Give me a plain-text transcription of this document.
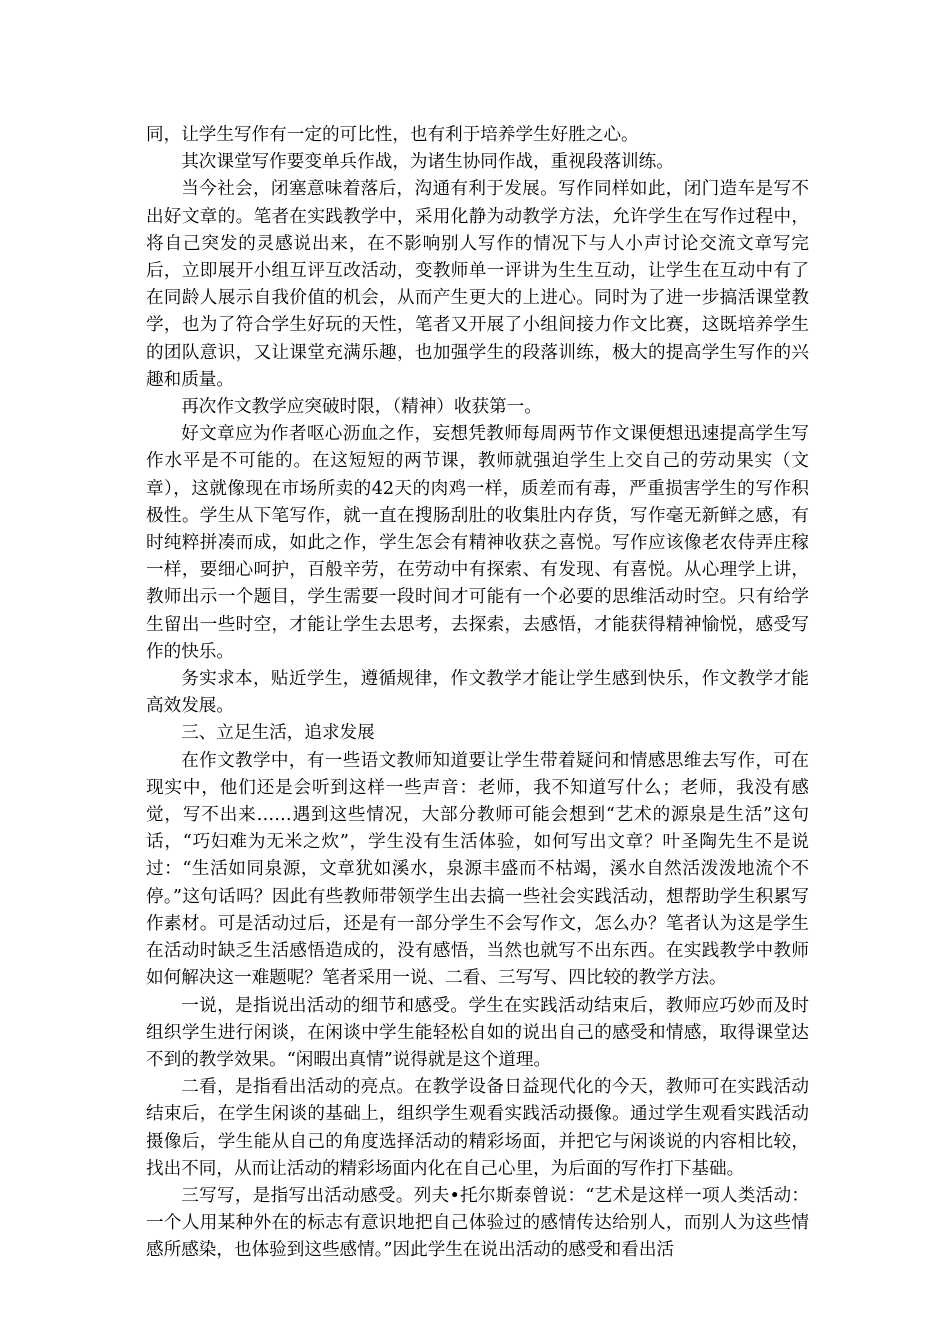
同，让学生写作有一定的可比性，也有利于培养学生好胜之心。

其次课堂写作要变单兵作战，为诸生协同作战，重视段落训练。

当今社会，闭塞意味着落后，沟通有利于发展。写作同样如此，闭门造车是写不出好文章的。笔者在实践教学中，采用化静为动教学方法，允许学生在写作过程中，将自己突发的灵感说出来，在不影响别人写作的情况下与人小声讨论交流文章写完后，立即展开小组互评互改活动，变教师单一评讲为生生互动，让学生在互动中有了在同龄人展示自我价值的机会，从而产生更大的上进心。同时为了进一步搞活课堂教学，也为了符合学生好玩的天性，笔者又开展了小组间接力作文比赛，这既培养学生的团队意识，又让课堂充满乐趣，也加强学生的段落训练，极大的提高学生写作的兴趣和质量。

再次作文教学应突破时限，（精神）收获第一。

好文章应为作者呕心沥血之作，妄想凭教师每周两节作文课便想迅速提高学生写作水平是不可能的。在这短短的两节课，教师就强迫学生上交自己的劳动果实（文章），这就像现在市场所卖的42天的肉鸡一样，质差而有毒，严重损害学生的写作积极性。学生从下笔写作，就一直在搜肠刮肚的收集肚内存货，写作毫无新鲜之感，有时纯粹拼凑而成，如此之作，学生怎会有精神收获之喜悦。写作应该像老农侍弄庄稼一样，要细心呵护，百般辛劳，在劳动中有探索、有发现、有喜悦。从心理学上讲，教师出示一个题目，学生需要一段时间才可能有一个必要的思维活动时空。只有给学生留出一些时空，才能让学生去思考，去探索，去感悟，才能获得精神愉悦，感受写作的快乐。

务实求本，贴近学生，遵循规律，作文教学才能让学生感到快乐，作文教学才能高效发展。

三、立足生活，追求发展

在作文教学中，有一些语文教师知道要让学生带着疑问和情感思维去写作，可在现实中，他们还是会听到这样一些声音：老师，我不知道写什么；老师，我没有感觉，写不出来……遇到这些情况，大部分教师可能会想到“艺术的源泉是生活”这句话，“巧妇难为无米之炊”，学生没有生活体验，如何写出文章？叶圣陶先生不是说过：“生活如同泉源，文章犹如溪水，泉源丰盛而不枯竭，溪水自然活泼泼地流个不停。”这句话吗？因此有些教师带领学生出去搞一些社会实践活动，想帮助学生积累写作素材。可是活动过后，还是有一部分学生不会写作文，怎么办？笔者认为这是学生在活动时缺乏生活感悟造成的，没有感悟，当然也就写不出东西。在实践教学中教师如何解决这一难题呢？笔者采用一说、二看、三写写、四比较的教学方法。

一说，是指说出活动的细节和感受。学生在实践活动结束后，教师应巧妙而及时组织学生进行闲谈，在闲谈中学生能轻松自如的说出自己的感受和情感，取得课堂达不到的教学效果。“闲暇出真情”说得就是这个道理。

二看，是指看出活动的亮点。在教学设备日益现代化的今天，教师可在实践活动结束后，在学生闲谈的基础上，组织学生观看实践活动摄像。通过学生观看实践活动摄像后，学生能从自己的角度选择活动的精彩场面，并把它与闲谈说的内容相比较，找出不同，从而让活动的精彩场面内化在自己心里，为后面的写作打下基础。

三写写，是指写出活动感受。列夫•托尔斯泰曾说：“艺术是这样一项人类活动：一个人用某种外在的标志有意识地把自己体验过的感情传达给别人，而别人为这些情感所感染，也体验到这些感情。”因此学生在说出活动的感受和看出活
